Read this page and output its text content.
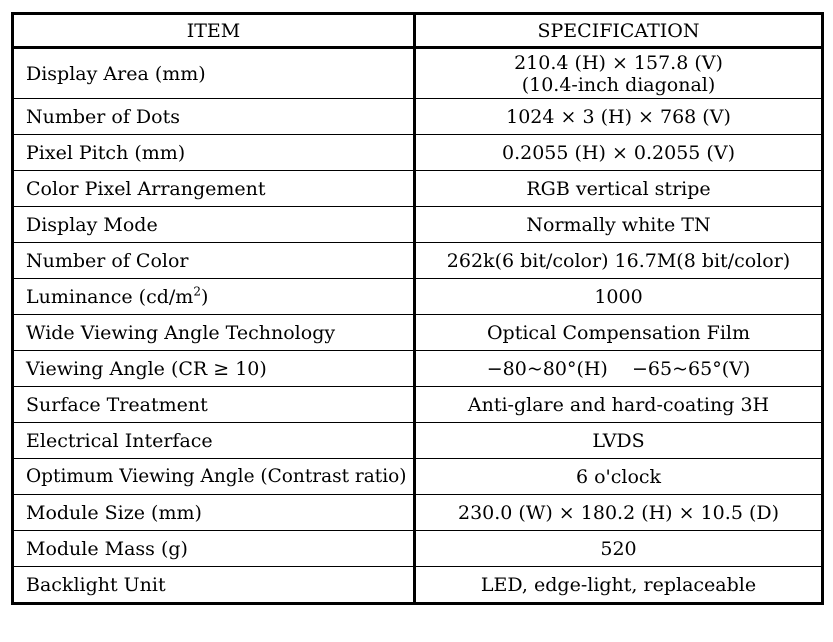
ITEM	SPECIFICATION
Display Area (mm)	210.4 (H) × 157.8 (V)
(10.4-inch diagonal)

Number of Dots	1024 × 3 (H) × 768 (V)
Pixel Pitch (mm)	0.2055 (H) × 0.2055 (V)
Color Pixel Arrangement	RGB vertical stripe
Display Mode	Normally white TN
Number of Color	262k(6 bit/color) 16.7M(8 bit/color)
Luminance $(cd/m^2)$	1000
Wide Viewing Angle Technology	Optical Compensation Film
Viewing Angle (CR ≥ 10)	−80~80°(H)    −65~65°(V)
Surface Treatment	Anti-glare and hard-coating 3H
Electrical Interface	LVDS
Optimum Viewing Angle (Contrast ratio)	6 o'clock
Module Size (mm)	230.0 (W) × 180.2 (H) × 10.5 (D)
Module Mass (g)	520
Backlight Unit	LED, edge-light, replaceable
